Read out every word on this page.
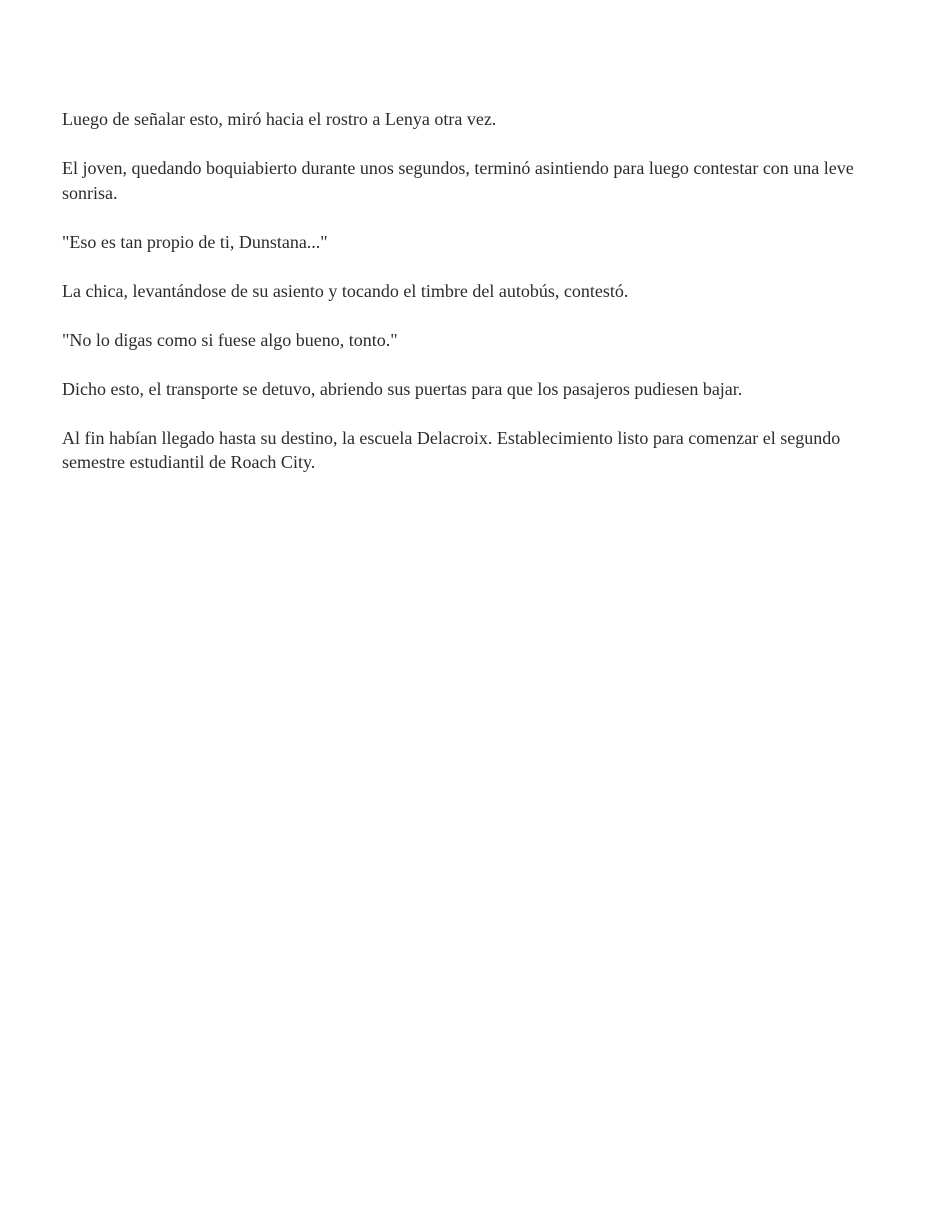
Luego de señalar esto, miró hacia el rostro a Lenya otra vez.

El joven, quedando boquiabierto durante unos segundos, terminó asintiendo para luego contestar con una leve sonrisa.

"Eso es tan propio de ti, Dunstana..."

La chica, levantándose de su asiento y tocando el timbre del autobús, contestó.

"No lo digas como si fuese algo bueno, tonto."

Dicho esto, el transporte se detuvo, abriendo sus puertas para que los pasajeros pudiesen bajar.

Al fin habían llegado hasta su destino, la escuela Delacroix. Establecimiento listo para comenzar el segundo semestre estudiantil de Roach City.
